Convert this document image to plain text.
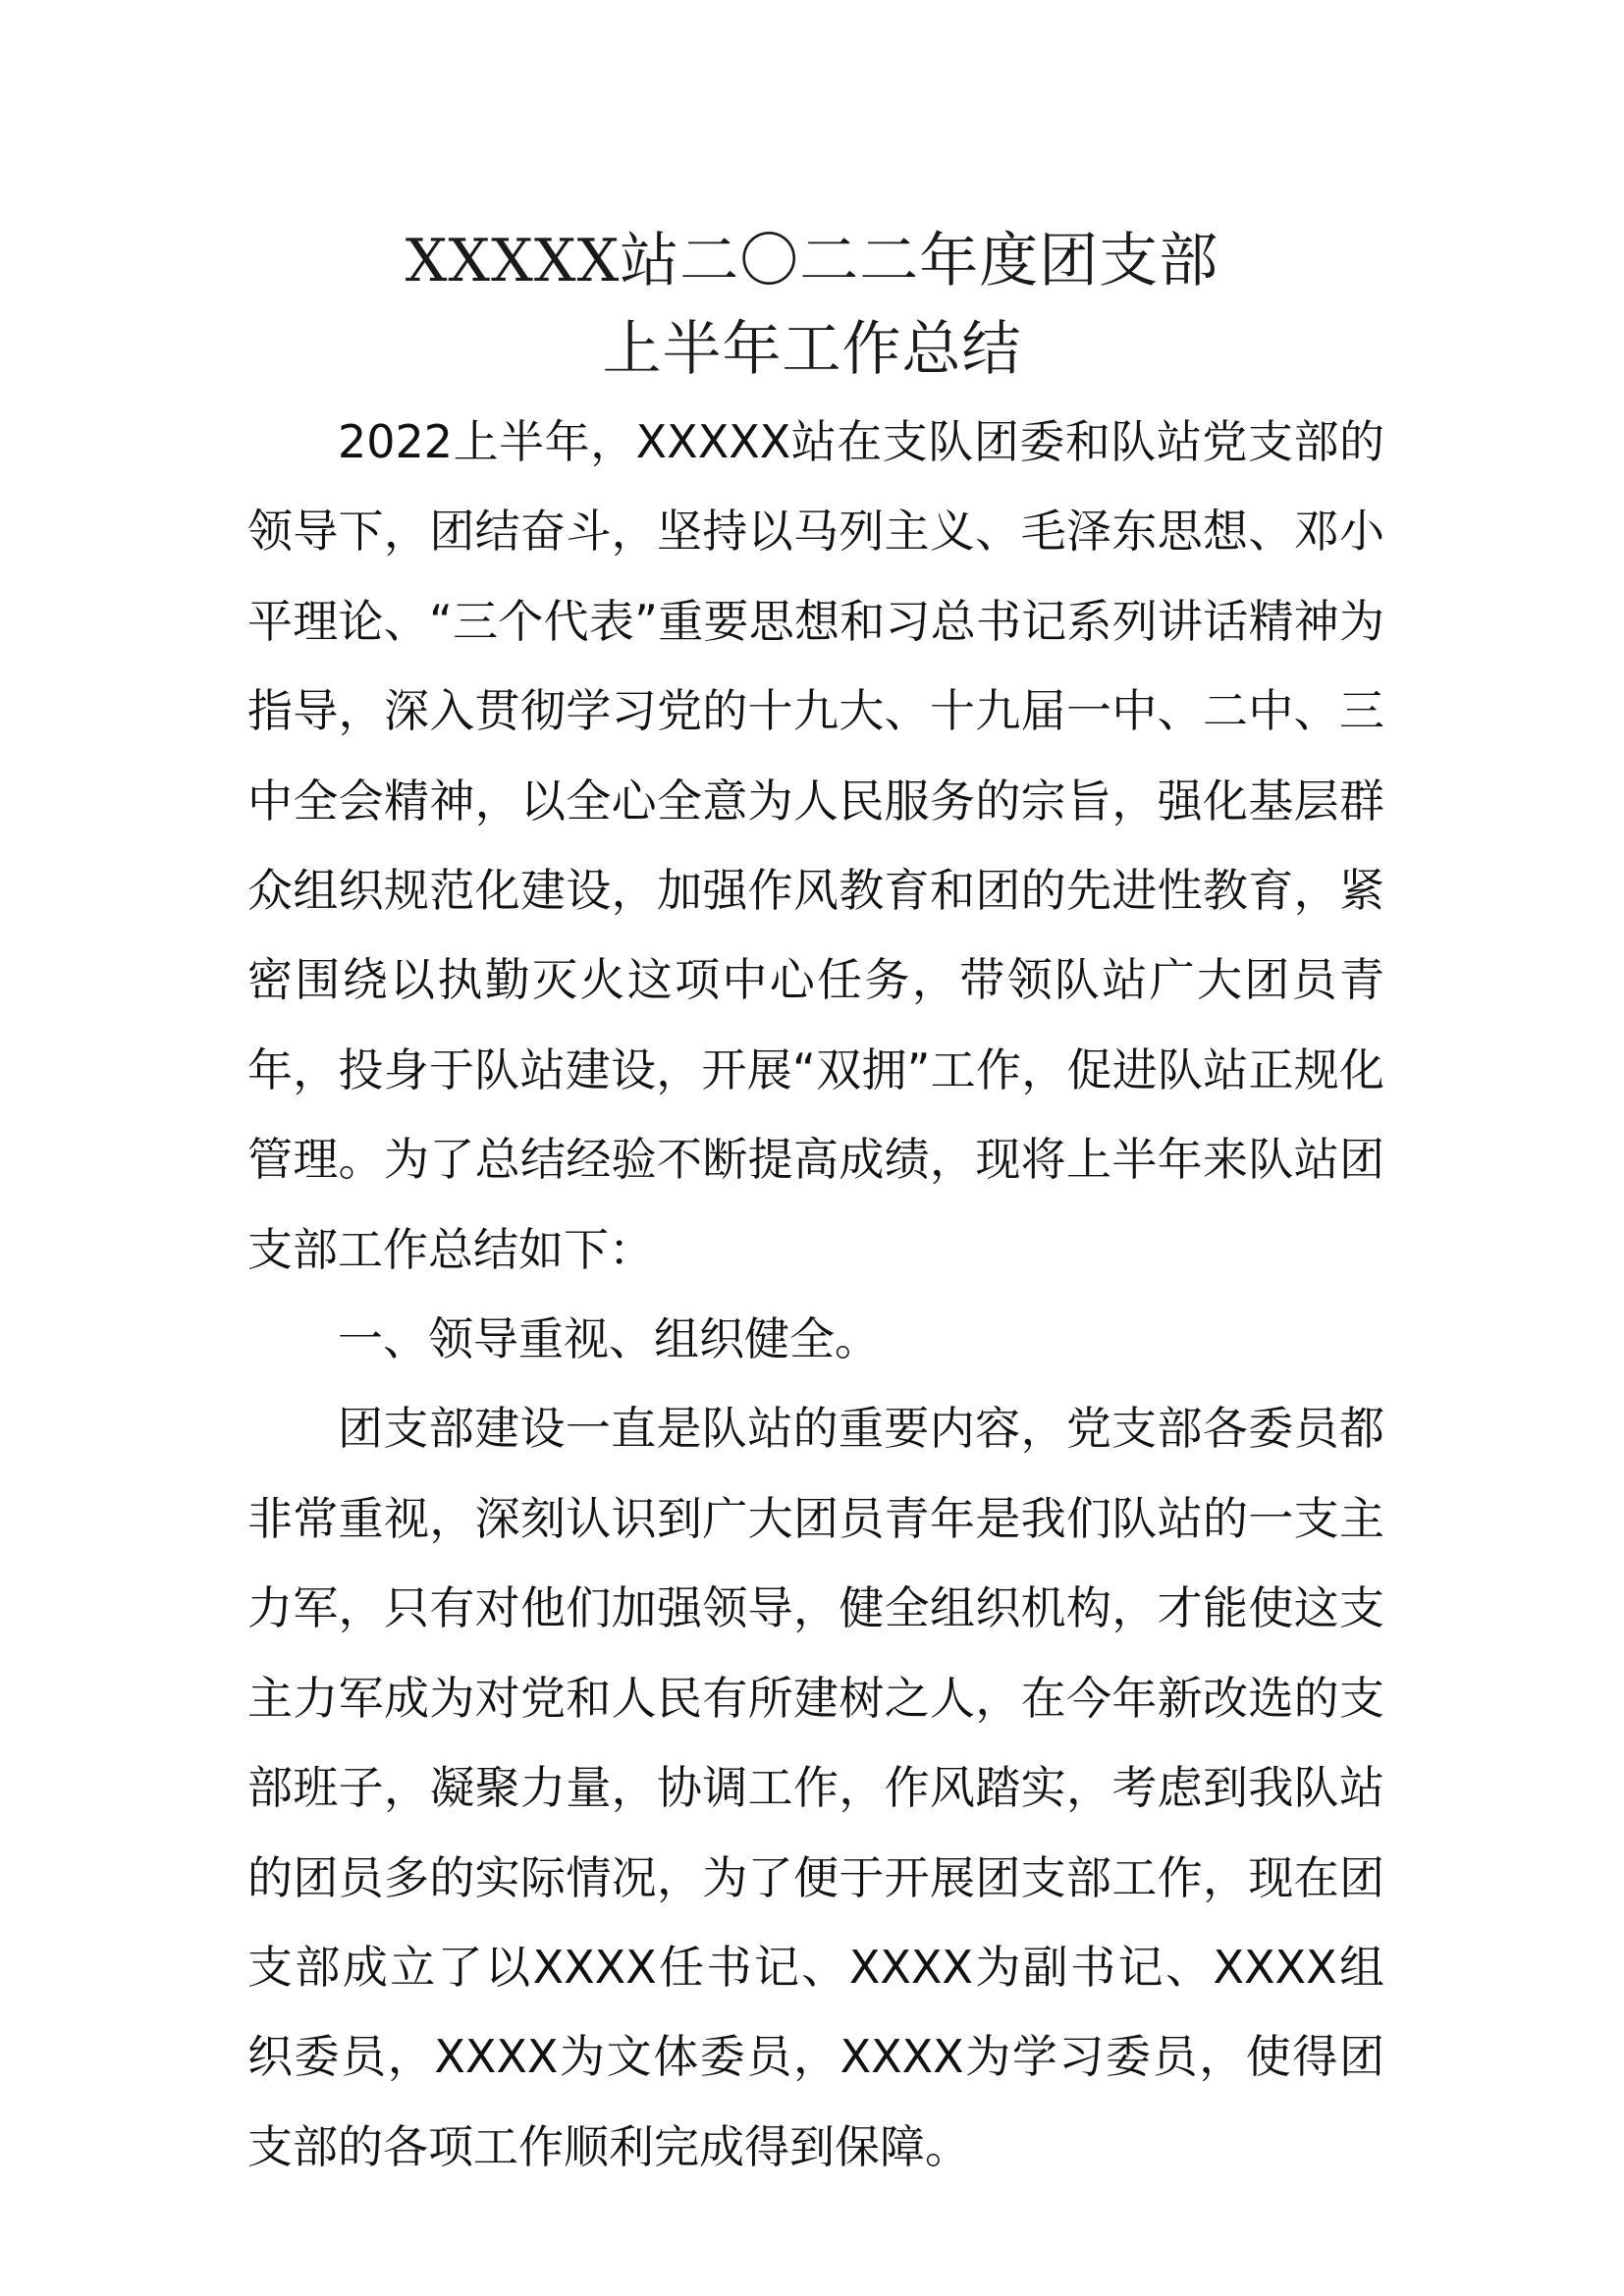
XXXXX站二〇二二年度团支部
上半年工作总结

2022上半年，XXXXX站在支队团委和队站党支部的领导下，团结奋斗，坚持以马列主义、毛泽东思想、邓小平理论、“三个代表”重要思想和习总书记系列讲话精神为指导，深入贯彻学习党的十九大、十九届一中、二中、三中全会精神，以全心全意为人民服务的宗旨，强化基层群众组织规范化建设，加强作风教育和团的先进性教育，紧密围绕以执勤灭火这项中心任务，带领队站广大团员青年，投身于队站建设，开展“双拥”工作，促进队站正规化管理。为了总结经验不断提高成绩，现将上半年来队站团支部工作总结如下：

一、领导重视、组织健全。

团支部建设一直是队站的重要内容，党支部各委员都非常重视，深刻认识到广大团员青年是我们队站的一支主力军，只有对他们加强领导，健全组织机构，才能使这支主力军成为对党和人民有所建树之人，在今年新改选的支部班子，凝聚力量，协调工作，作风踏实，考虑到我队站的团员多的实际情况，为了便于开展团支部工作，现在团支部成立了以XXXX任书记、XXXX为副书记、XXXX组织委员，XXXX为文体委员，XXXX为学习委员，使得团支部的各项工作顺利完成得到保障。
